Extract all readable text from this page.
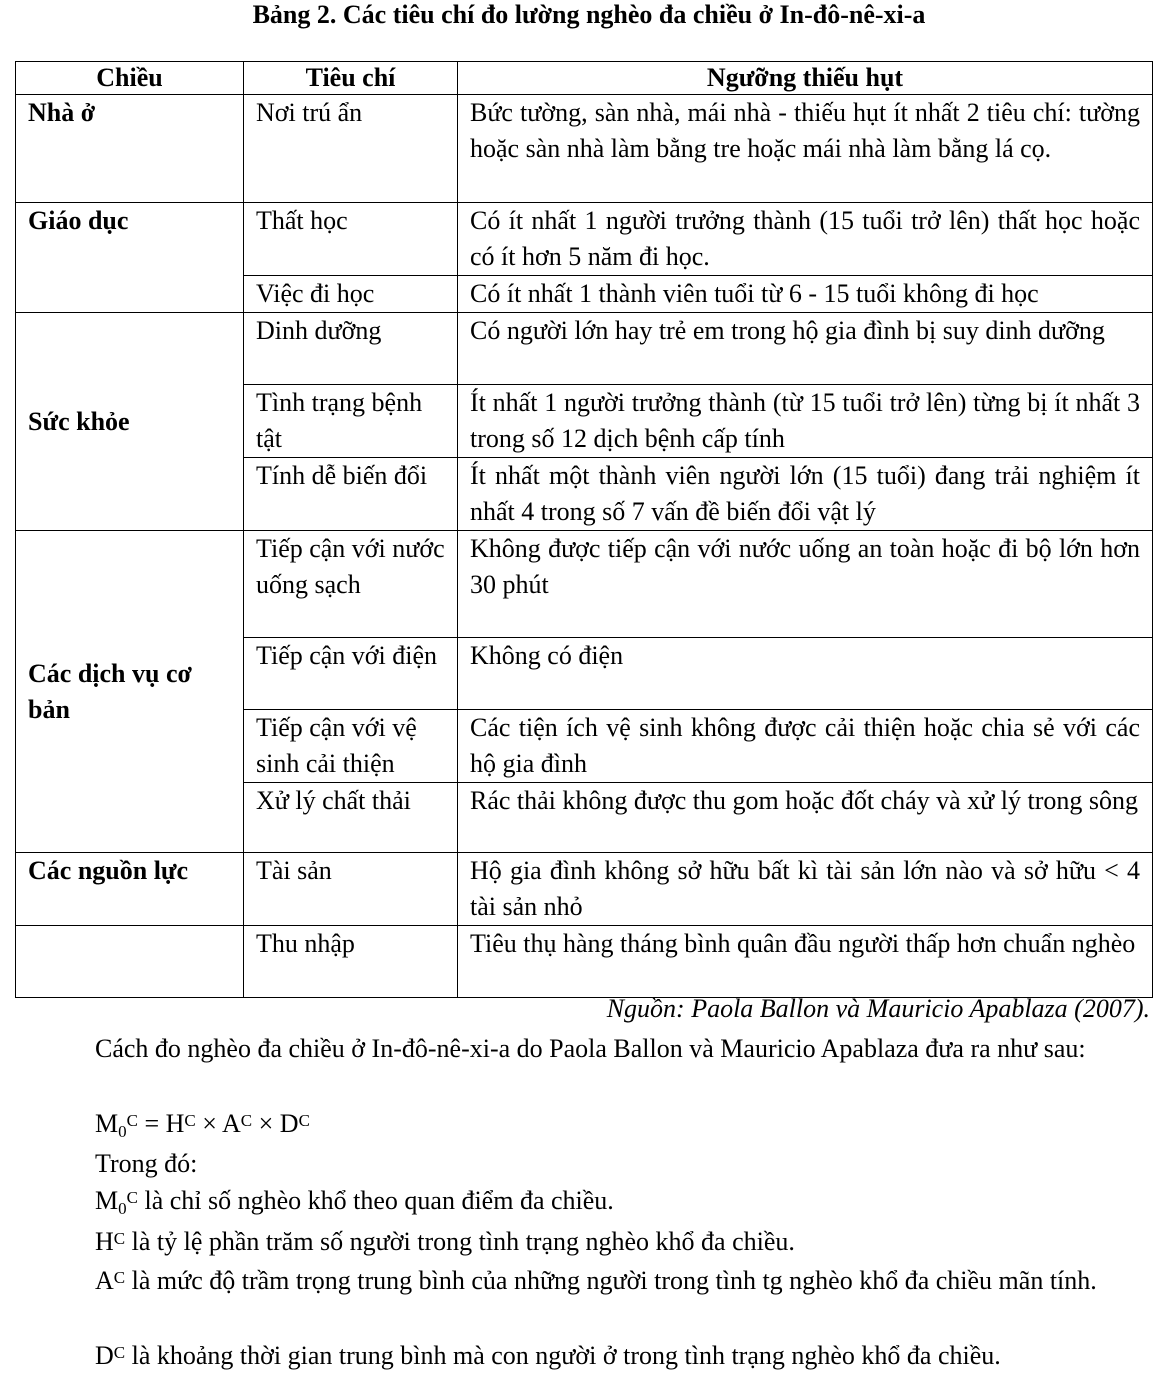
Bảng 2. Các tiêu chí đo lường nghèo đa chiều ở In-đô-nê-xi-a
Chiều	Tiêu chí	Ngưỡng thiếu hụt
Nhà ở	Nơi trú ẩn	Bức tường, sàn nhà, mái nhà - thiếu hụt ít nhất 2 tiêu chí: tường hoặc sàn nhà làm bằng tre hoặc mái nhà làm bằng lá cọ.
Giáo dục	Thất học	Có ít nhất 1 người trưởng thành (15 tuổi trở lên) thất học hoặc có ít hơn 5 năm đi học.
	Việc đi học	Có ít nhất 1 thành viên tuổi từ 6 - 15 tuổi không đi học
Sức khỏe	Dinh dưỡng	Có người lớn hay trẻ em trong hộ gia đình bị suy dinh dưỡng
	Tình trạng bệnh tật	Ít nhất 1 người trưởng thành (từ 15 tuổi trở lên) từng bị ít nhất 3 trong số 12 dịch bệnh cấp tính
	Tính dễ biến đổi	Ít nhất một thành viên người lớn (15 tuổi) đang trải nghiệm ít nhất 4 trong số 7 vấn đề biến đổi vật lý
Các dịch vụ cơ bản	Tiếp cận với nước uống sạch	Không được tiếp cận với nước uống an toàn hoặc đi bộ lớn hơn 30 phút
	Tiếp cận với điện	Không có điện
	Tiếp cận với vệ sinh cải thiện	Các tiện ích vệ sinh không được cải thiện hoặc chia sẻ với các hộ gia đình
	Xử lý chất thải	Rác thải không được thu gom hoặc đốt cháy và xử lý trong sông
Các nguồn lực	Tài sản	Hộ gia đình không sở hữu bất kì tài sản lớn nào và sở hữu < 4 tài sản nhỏ
	Thu nhập	Tiêu thụ hàng tháng bình quân đầu người thấp hơn chuẩn nghèo
Nguồn: Paola Ballon và Mauricio Apablaza (2007).
Cách đo nghèo đa chiều ở In-đô-nê-xi-a do Paola Ballon và Mauricio Apablaza đưa ra như sau:
$M_0^C = H^C \times A^C \times D^C$
Trong đó:
$M_0^C$ là chỉ số nghèo khổ theo quan điểm đa chiều.
$H^C$ là tỷ lệ phần trăm số người trong tình trạng nghèo khổ đa chiều.
$A^C$ là mức độ trầm trọng trung bình của những người trong tình tg nghèo khổ đa chiều mãn tính.
$D^C$ là khoảng thời gian trung bình mà con người ở trong tình trạng nghèo khổ đa chiều.
